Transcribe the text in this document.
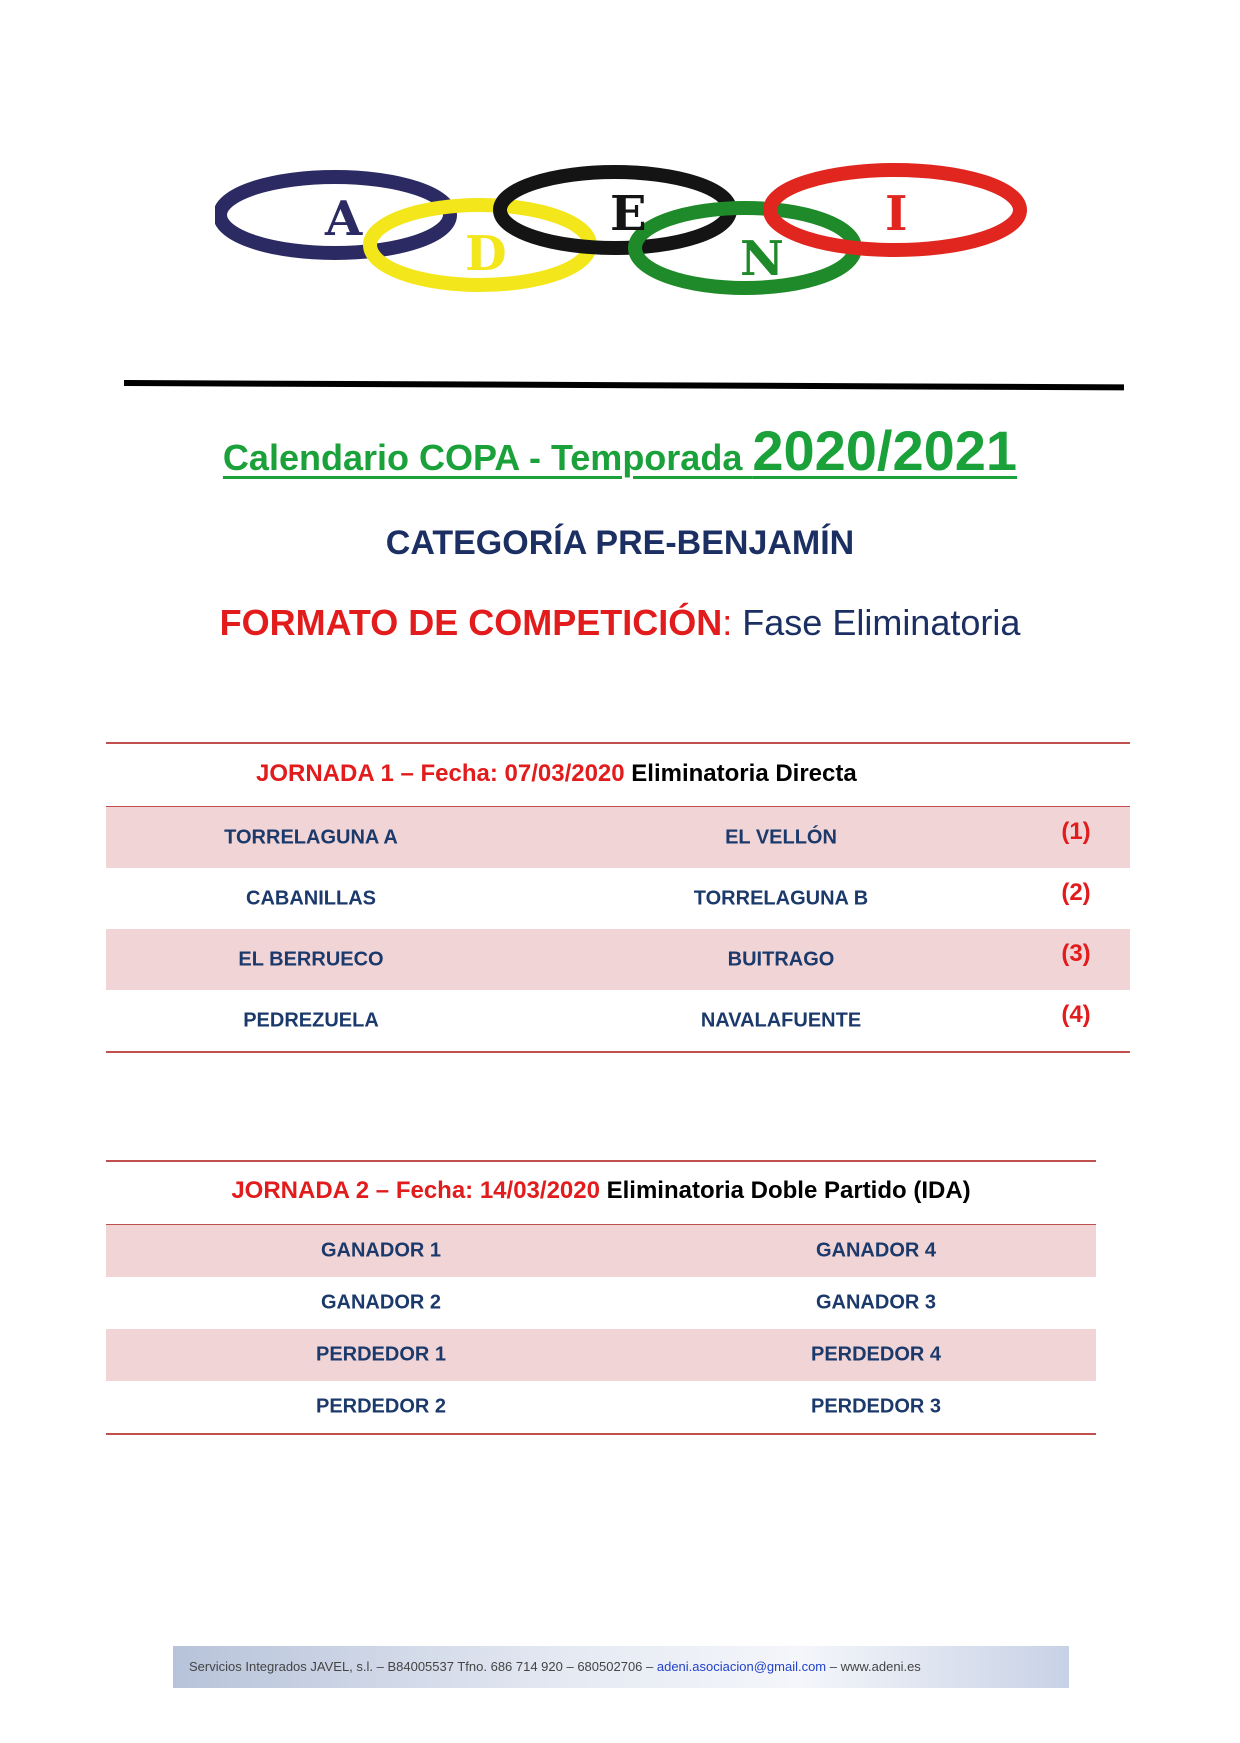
A
D
E
N
I
Calendario COPA - Temporada 2020/2021
CATEGORÍA PRE-BENJAMÍN
FORMATO DE COMPETICIÓN: Fase Eliminatoria
JORNADA 1 – Fecha: 07/03/2020 Eliminatoria Directa
TORRELAGUNA A	EL VELLÓN	(1)
CABANILLAS	TORRELAGUNA B	(2)
EL BERRUECO	BUITRAGO	(3)
PEDREZUELA	NAVALAFUENTE	(4)
JORNADA 2 – Fecha: 14/03/2020 Eliminatoria Doble Partido (IDA)
GANADOR 1	GANADOR 4
GANADOR 2	GANADOR 3
PERDEDOR 1	PERDEDOR 4
PERDEDOR 2	PERDEDOR 3
Servicios Integrados JAVEL, s.l. – B84005537 Tfno. 686 714 920 – 680502706 – adeni.asociacion@gmail.com – www.adeni.es
